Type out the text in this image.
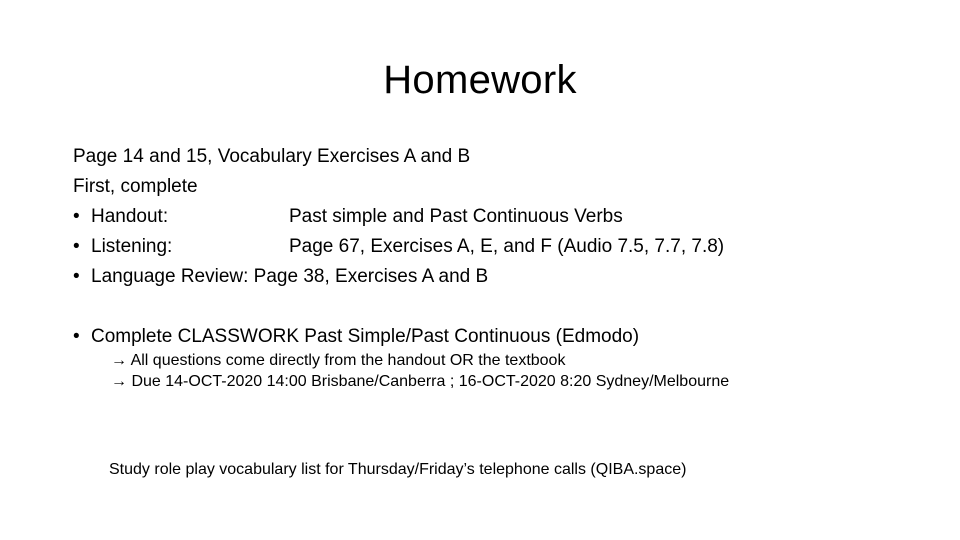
Homework
Page 14 and 15, Vocabulary Exercises A and B
First, complete
• Handout:	Past simple and Past Continuous Verbs
• Listening:	Page 67, Exercises A, E, and F (Audio 7.5, 7.7, 7.8)
• Language Review: Page 38, Exercises A and B
• Complete CLASSWORK Past Simple/Past Continuous (Edmodo)
→ All questions come directly from the handout OR the textbook
→ Due 14-OCT-2020 14:00 Brisbane/Canberra ; 16-OCT-2020 8:20 Sydney/Melbourne
Study role play vocabulary list for Thursday/Friday’s telephone calls (QIBA.space)
